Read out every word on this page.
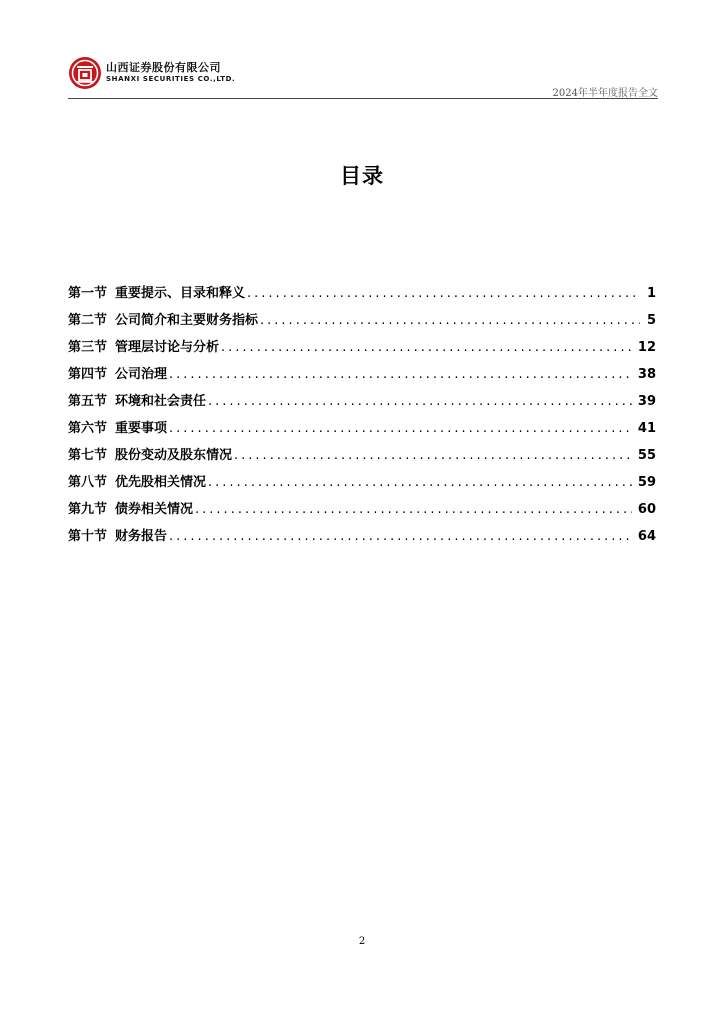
山西证券股份有限公司
SHANXI SECURITIES CO.,LTD.
2024年半年度报告全文
目录
第一节 重要提示、目录和释义 .....	1
第二节 公司简介和主要财务指标 .....	5
第三节 管理层讨论与分析 .....	12
第四节 公司治理 .....	38
第五节 环境和社会责任 .....	39
第六节 重要事项 .....	41
第七节 股份变动及股东情况 .....	55
第八节 优先股相关情况 .....	59
第九节 债券相关情况 .....	60
第十节 财务报告 .....	64
2
